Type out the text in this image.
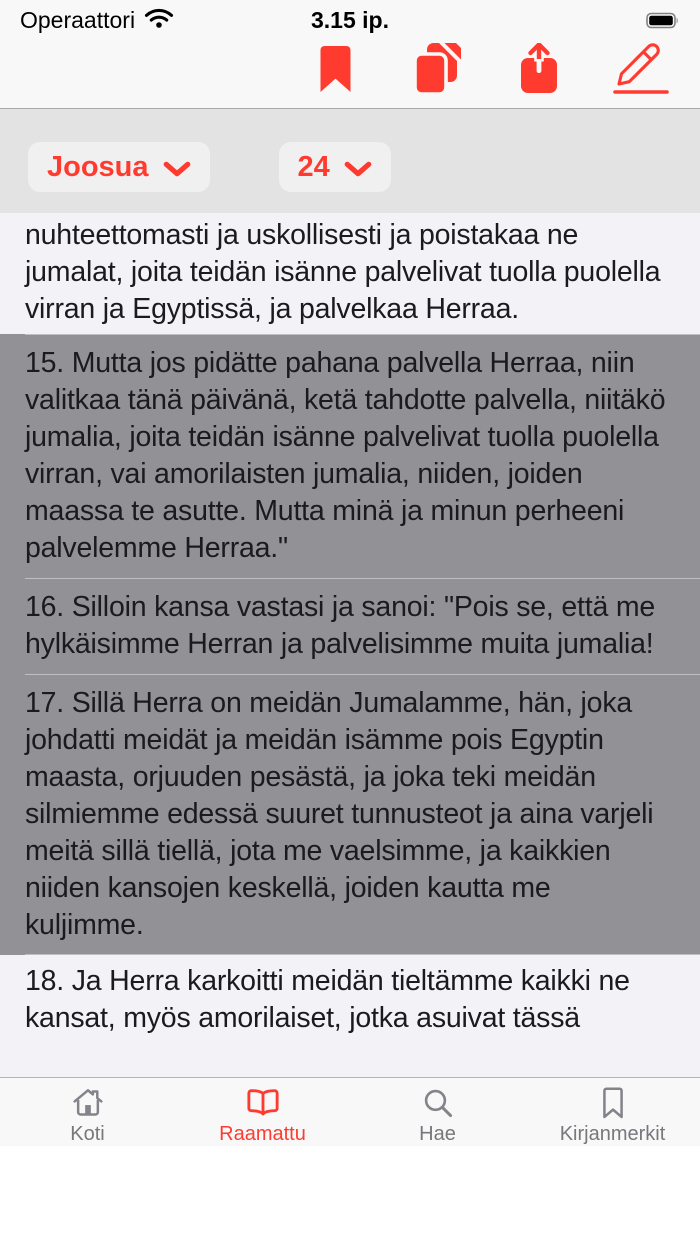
Operaattori	3.15 ip.
Joosua	24
nuhteettomasti ja uskollisesti ja poistakaa ne jumalat, joita teidän isänne palvelivat tuolla puolella virran ja Egyptissä, ja palvelkaa Herraa.
15. Mutta jos pidätte pahana palvella Herraa, niin valitkaa tänä päivänä, ketä tahdotte palvella, niitäkö jumalia, joita teidän isänne palvelivat tuolla puolella virran, vai amorilaisten jumalia, niiden, joiden maassa te asutte. Mutta minä ja minun perheeni palvelemme Herraa."
16. Silloin kansa vastasi ja sanoi: "Pois se, että me hylkäisimme Herran ja palvelisimme muita jumalia!
17. Sillä Herra on meidän Jumalamme, hän, joka johdatti meidät ja meidän isämme pois Egyptin maasta, orjuuden pesästä, ja joka teki meidän silmiemme edessä suuret tunnusteot ja aina varjeli meitä sillä tiellä, jota me vaelsimme, ja kaikkien niiden kansojen keskellä, joiden kautta me kuljimme.
18. Ja Herra karkoitti meidän tieltämme kaikki ne kansat, myös amorilaiset, jotka asuivat tässä
Koti	Raamattu	Hae	Kirjanmerkit
